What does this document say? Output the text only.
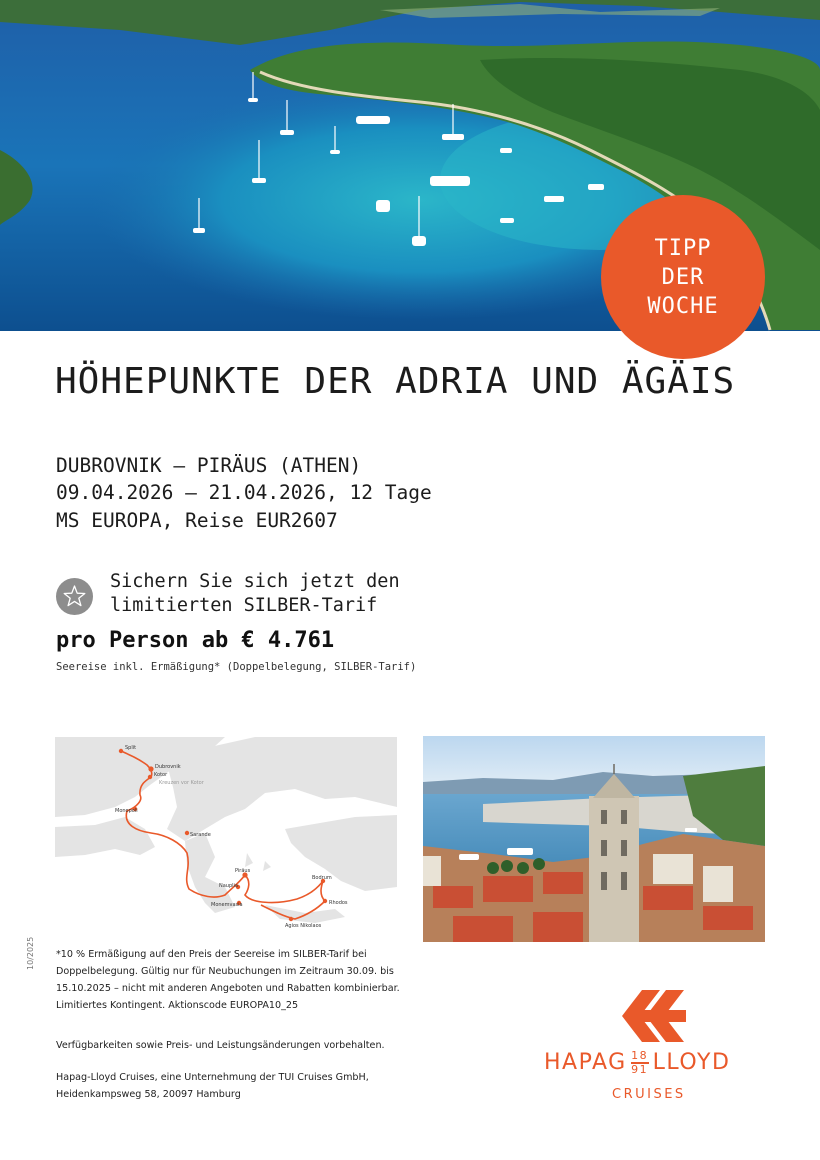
TIPP
DER
WOCHE
HÖHEPUNKTE DER ADRIA UND ÄGÄIS
DUBROVNIK – PIRÄUS (ATHEN)
09.04.2026 – 21.04.2026, 12 Tage
MS EUROPA, Reise EUR2607
Sichern Sie sich jetzt den
limitierten SILBER-Tarif
pro Person ab € 4.761
Seereise inkl. Ermäßigung* (Doppelbelegung, SILBER-Tarif)
Split
Dubrovnik
Kotor
Kreuzen vor Kotor
Monopoli
Sarande
Piräus
Nauplia
Monemvasia
Bodrum
Rhodos
Agios Nikolaos
10/2025 *10 % Ermäßigung auf den Preis der Seereise im SILBER-Tarif bei Doppelbelegung. Gültig nur für Neubuchungen im Zeitraum 30.09. bis 15.10.2025 – nicht mit anderen Angeboten und Rabatten kombinierbar. Limitiertes Kontingent. Aktionscode EUROPA10_25
Verfügbarkeiten sowie Preis- und Leistungsänderungen vorbehalten.
Hapag-Lloyd Cruises, eine Unternehmung der TUI Cruises GmbH,
Heidenkampsweg 58, 20097 Hamburg
HAPAG 18
91 LLOYD
CRUISES
